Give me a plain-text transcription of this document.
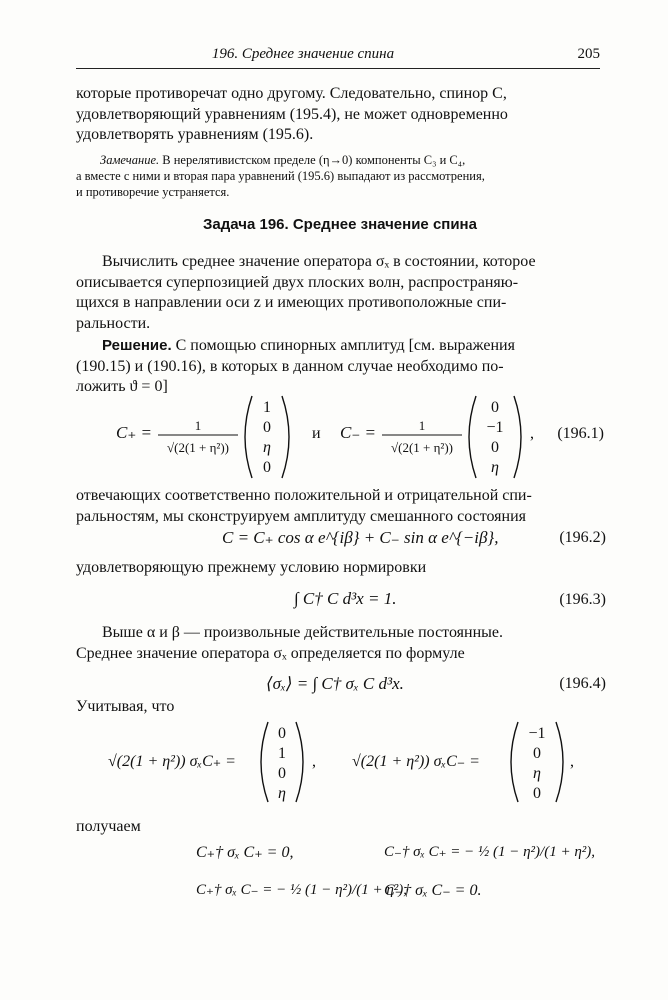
196. Среднее значение спина	205
которые противоречат одно другому. Следовательно, спинор C,
удовлетворяющий уравнениям (195.4), не может одновременно
удовлетворять уравнениям (195.6).
Замечание. В нерелятивистском пределе (η→0) компоненты C₃ и C₄,
а вместе с ними и вторая пара уравнений (195.6) выпадают из рассмотрения,
и противоречие устраняется.
Задача 196. Среднее значение спина
Вычислить среднее значение оператора σₓ в состоянии, которое
описывается суперпозицией двух плоских волн, распространяю-
щихся в направлении оси z и имеющих противоположные спи-
ральности.
Решение. С помощью спинорных амплитуд [см. выражения
(190.15) и (190.16), в которых в данном случае необходимо по-
ложить ϑ = 0]
C₊ =	1
√(2(1 + η²))
1
0
η
0
и C₋ =	1
√(2(1 + η²))
0
−1
0
η
, (196.1)
отвечающих соответственно положительной и отрицательной спи-
ральностям, мы сконструируем амплитуду смешанного состояния
C = C₊ cos α e^{iβ} + C₋ sin α e^{−iβ},	(196.2)
удовлетворяющую прежнему условию нормировки
∫ C† C d³x = 1.	(196.3)
Выше α и β — произвольные действительные постоянные.
Среднее значение оператора σₓ определяется по формуле
⟨σₓ⟩ = ∫ C† σₓ C d³x.	(196.4)
Учитывая, что
√(2(1 + η²)) σₓC₊ =
0
1
0
η
, √(2(1 + η²)) σₓC₋ =
−1
0
η
0
,
получаем
C₊† σₓ C₊ = 0,	C₋† σₓ C₊ = − ½ (1 − η²)/(1 + η²),
C₊† σₓ C₋ = − ½ (1 − η²)/(1 + η²),
C₋† σₓ C₋ = 0.
